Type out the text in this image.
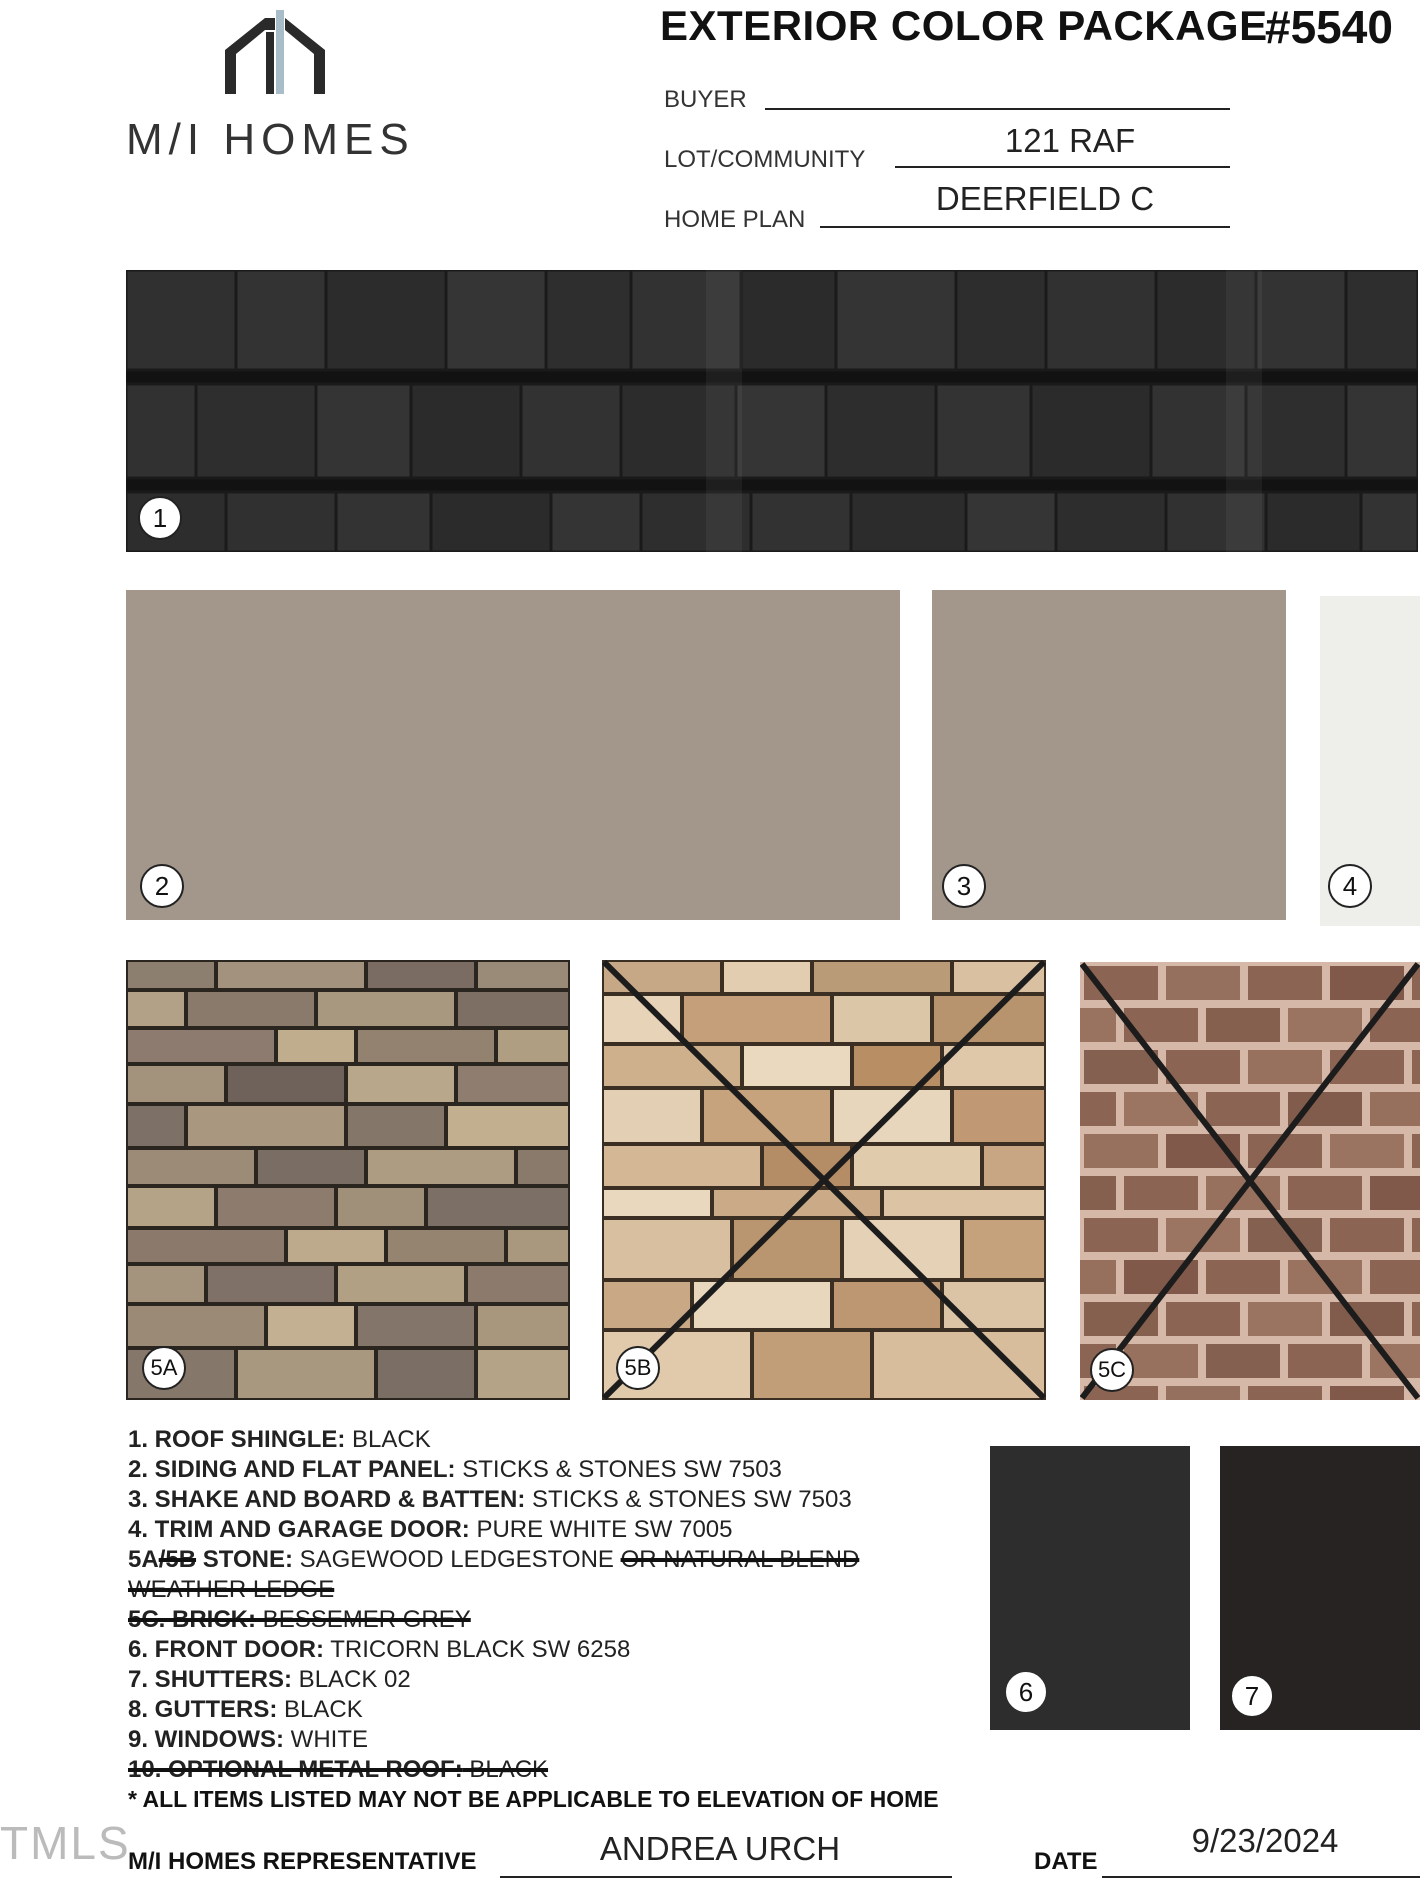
M/I HOMES
EXTERIOR COLOR PACKAGE
#5540
BUYER
LOT/COMMUNITY
121 RAF
HOME PLAN
DEERFIELD C
1
2	3	4
5A	5B	5C
6	7
1. ROOF SHINGLE: BLACK
2. SIDING AND FLAT PANEL: STICKS & STONES SW 7503
3. SHAKE AND BOARD & BATTEN: STICKS & STONES SW 7503
4. TRIM AND GARAGE DOOR: PURE WHITE SW 7005
5A/5B STONE: SAGEWOOD LEDGESTONE OR NATURAL BLEND
WEATHER LEDGE
5C. BRICK: BESSEMER GREY
6. FRONT DOOR: TRICORN BLACK SW 6258
7. SHUTTERS: BLACK 02
8. GUTTERS: BLACK
9. WINDOWS: WHITE
10. OPTIONAL METAL ROOF: BLACK
* ALL ITEMS LISTED MAY NOT BE APPLICABLE TO ELEVATION OF HOME
TMLS
M/I HOMES REPRESENTATIVE	ANDREA URCH	DATE
9/23/2024
